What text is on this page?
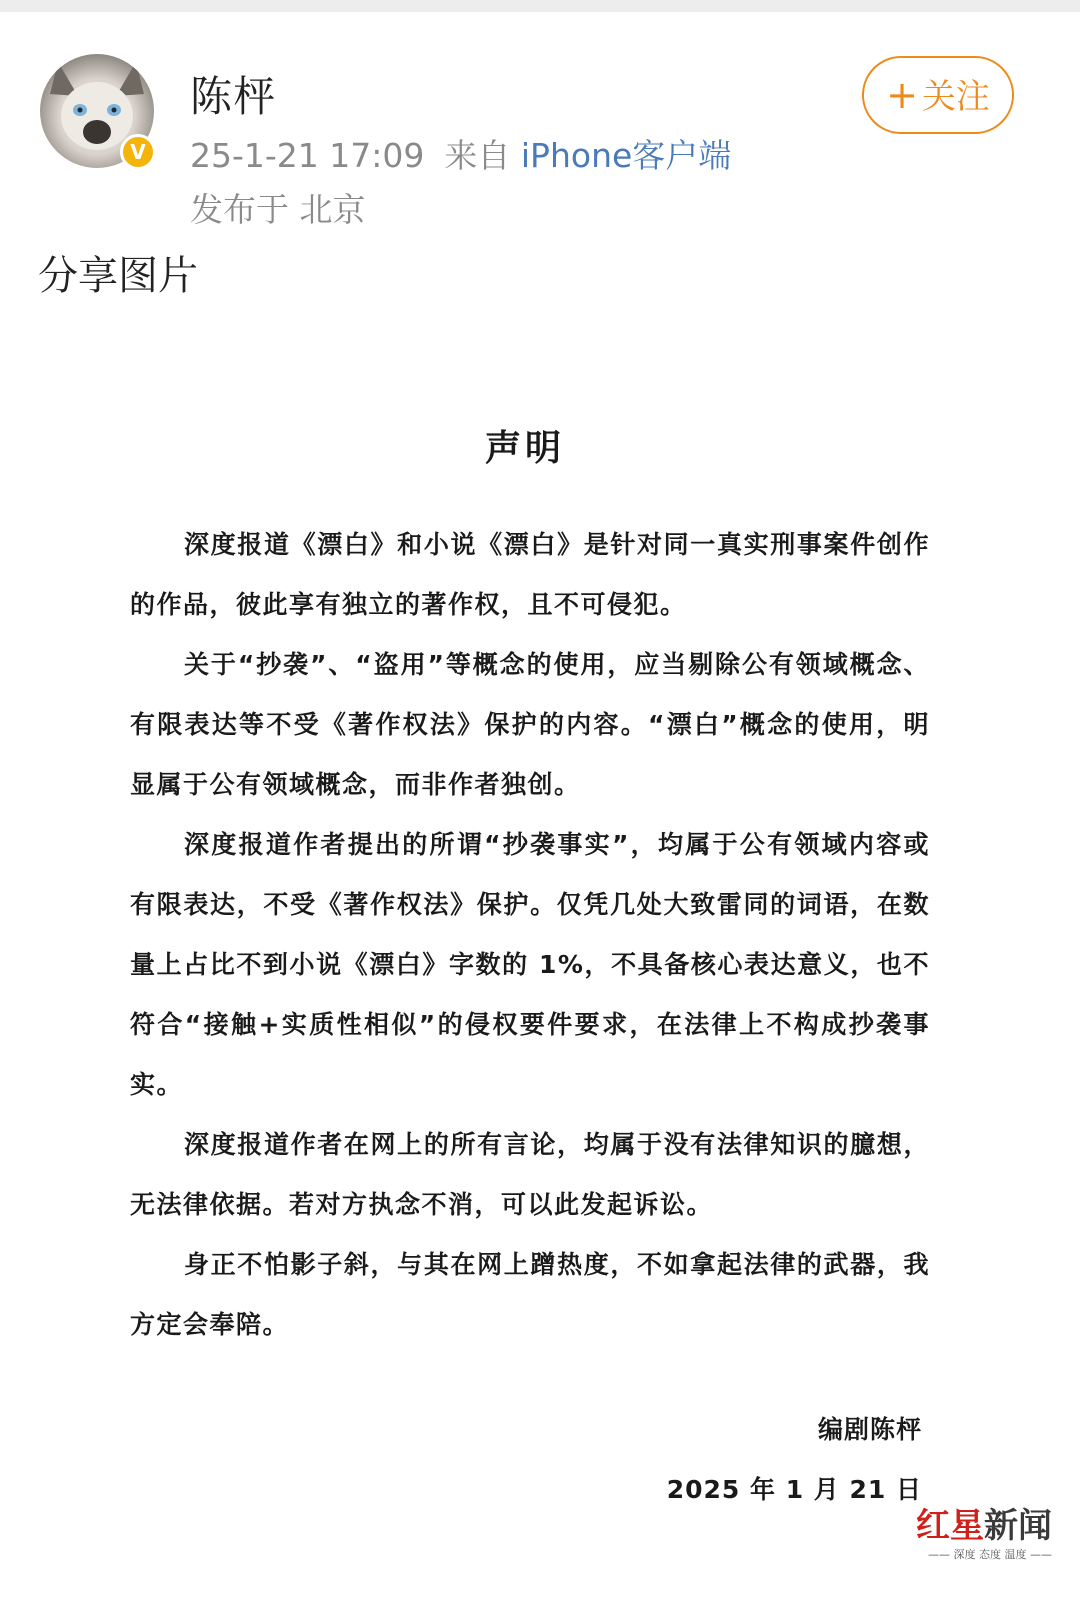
V
陈枰
25-1-21 17:09 来自 iPhone客户端
发布于 北京
+ 关注
分享图片
声明
深度报道《漂白》和小说《漂白》是针对同一真实刑事案件创作的作品，彼此享有独立的著作权，且不可侵犯。
关于“抄袭”、“盗用”等概念的使用，应当剔除公有领域概念、有限表达等不受《著作权法》保护的内容。“漂白”概念的使用，明显属于公有领域概念，而非作者独创。
深度报道作者提出的所谓“抄袭事实”，均属于公有领域内容或有限表达，不受《著作权法》保护。仅凭几处大致雷同的词语，在数量上占比不到小说《漂白》字数的 1%，不具备核心表达意义，也不符合“接触+实质性相似”的侵权要件要求，在法律上不构成抄袭事实。
深度报道作者在网上的所有言论，均属于没有法律知识的臆想，无法律依据。若对方执念不消，可以此发起诉讼。
身正不怕影子斜，与其在网上蹭热度，不如拿起法律的武器，我方定会奉陪。
编剧陈枰
2025 年 1 月 21 日
红星新闻
—— 深度 态度 温度 ——
